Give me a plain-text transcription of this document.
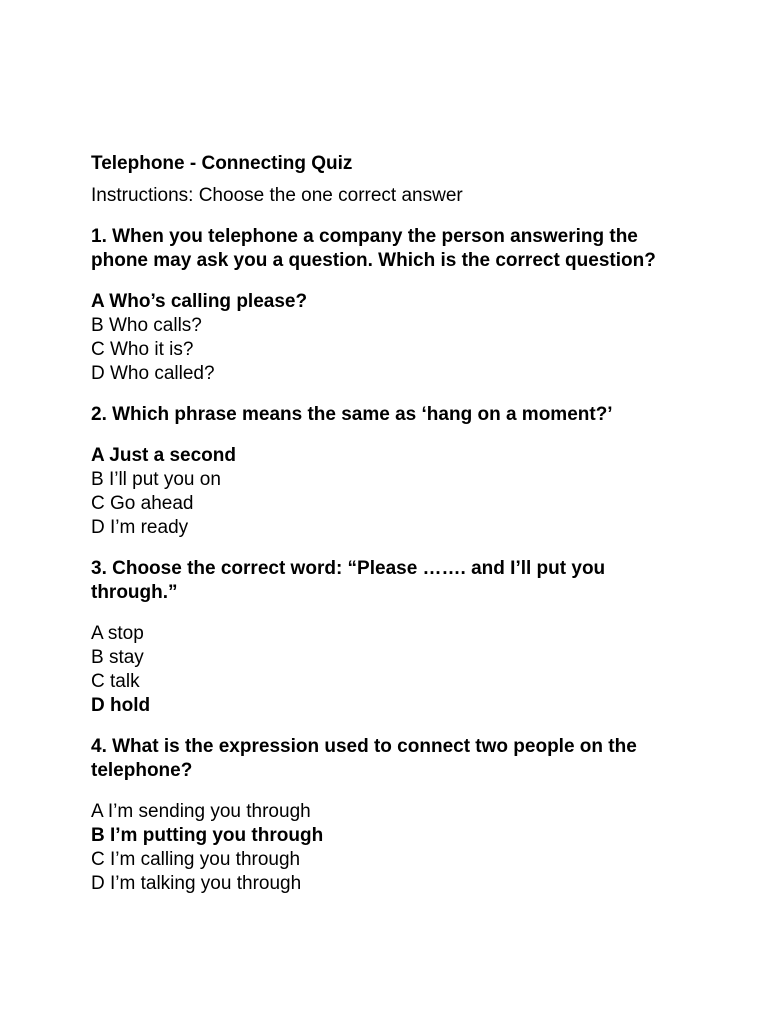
Telephone - Connecting Quiz
Instructions: Choose the one correct answer
1. When you telephone a company the person answering the phone may ask you a question. Which is the correct question?
A Who’s calling please?
B Who calls?
C Who it is?
D Who called?
2. Which phrase means the same as ‘hang on a moment?’
A Just a second
B I’ll put you on
C Go ahead
D I’m ready
3. Choose the correct word: “Please ……. and I’ll put you through.”
A stop
B stay
C talk
D hold
4. What is the expression used to connect two people on the telephone?
A I’m sending you through
B I’m putting you through
C I’m calling you through
D I’m talking you through
